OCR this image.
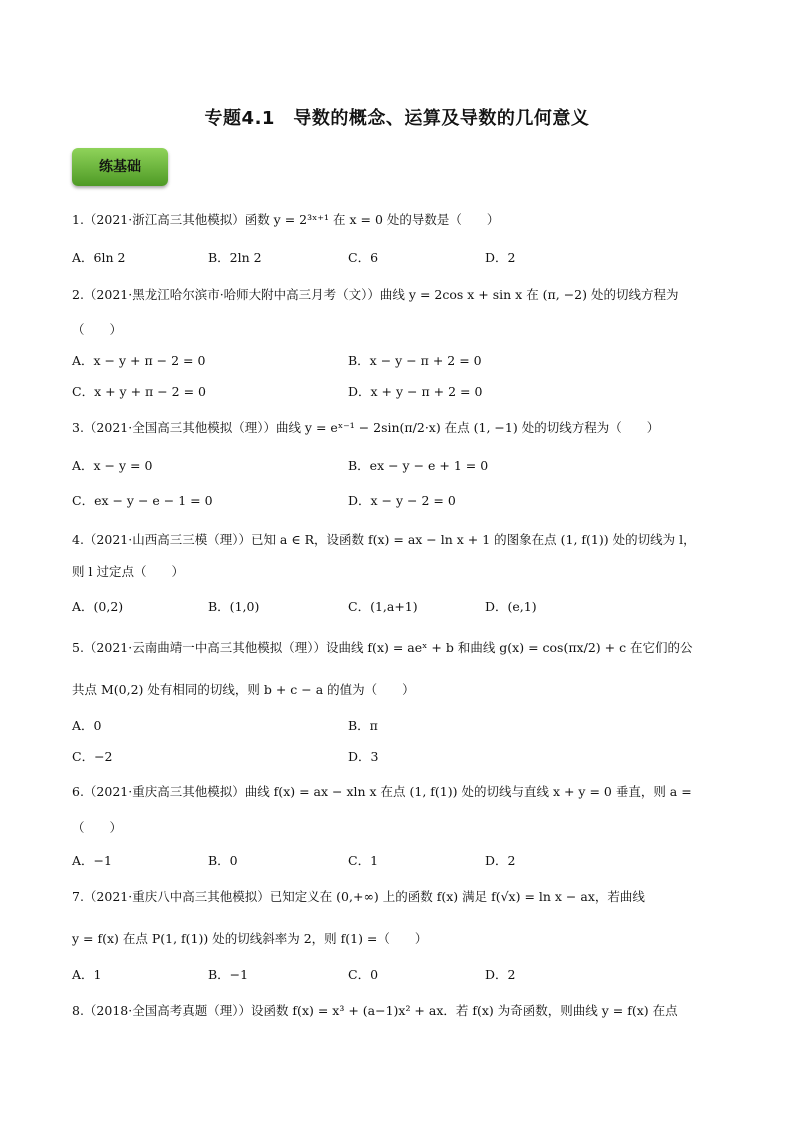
专题4.1　导数的概念、运算及导数的几何意义
练基础
1.（2021·浙江高三其他模拟）函数 y = 2³ˣ⁺¹ 在 x = 0 处的导数是（　　）
A．6ln 2	B．2ln 2	C．6	D．2
2.（2021·黑龙江哈尔滨市·哈师大附中高三月考（文））曲线 y = 2cos x + sin x 在 (π, −2) 处的切线方程为
（　　）
A．x − y + π − 2 = 0	B．x − y − π + 2 = 0
C．x + y + π − 2 = 0	D．x + y − π + 2 = 0
3.（2021·全国高三其他模拟（理））曲线 y = eˣ⁻¹ − 2sin(π/2·x) 在点 (1, −1) 处的切线方程为（　　）
A．x − y = 0	B．ex − y − e + 1 = 0
C．ex − y − e − 1 = 0	D．x − y − 2 = 0
4.（2021·山西高三三模（理））已知 a ∈ R，设函数 f(x) = ax − ln x + 1 的图象在点 (1, f(1)) 处的切线为 l，
则 l 过定点（　　）
A．(0,2)	B．(1,0)	C．(1,a+1)	D．(e,1)
5.（2021·云南曲靖一中高三其他模拟（理））设曲线 f(x) = aeˣ + b 和曲线 g(x) = cos(πx/2) + c 在它们的公
共点 M(0,2) 处有相同的切线，则 b + c − a 的值为（　　）
A．0	B．π
C．−2	D．3
6.（2021·重庆高三其他模拟）曲线 f(x) = ax − xln x 在点 (1, f(1)) 处的切线与直线 x + y = 0 垂直，则 a =
（　　）
A．−1	B．0	C．1	D．2
7.（2021·重庆八中高三其他模拟）已知定义在 (0,+∞) 上的函数 f(x) 满足 f(√x) = ln x − ax，若曲线
y = f(x) 在点 P(1, f(1)) 处的切线斜率为 2，则 f(1) =（　　）
A．1	B．−1	C．0	D．2
8.（2018·全国高考真题（理））设函数 f(x) = x³ + (a−1)x² + ax．若 f(x) 为奇函数，则曲线 y = f(x) 在点
